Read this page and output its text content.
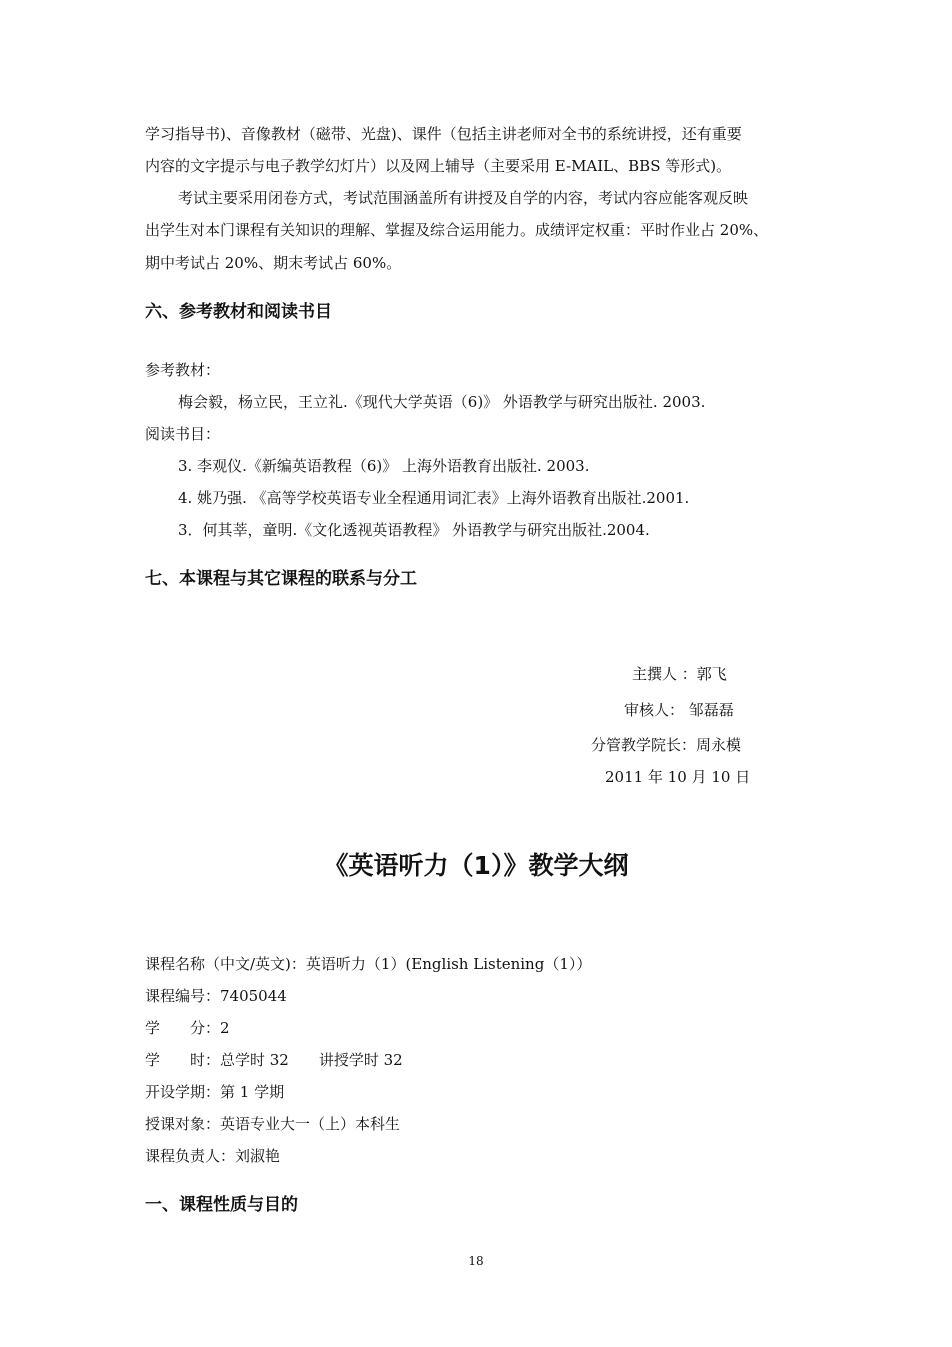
学习指导书)、音像教材（磁带、光盘)、课件（包括主讲老师对全书的系统讲授，还有重要
内容的文字提示与电子教学幻灯片）以及网上辅导（主要采用 E-MAIL、BBS 等形式)。
考试主要采用闭卷方式，考试范围涵盖所有讲授及自学的内容，考试内容应能客观反映
出学生对本门课程有关知识的理解、掌握及综合运用能力。成绩评定权重：平时作业占 20%、
期中考试占 20%、期末考试占 60%。
六、参考教材和阅读书目
参考教材：
梅会毅，杨立民，王立礼.《现代大学英语（6)》 外语教学与研究出版社. 2003.
阅读书目：
3. 李观仪.《新编英语教程（6)》 上海外语教育出版社. 2003.
4. 姚乃强. 《高等学校英语专业全程通用词汇表》上海外语教育出版社.2001.
3．何其莘，童明.《文化透视英语教程》 外语教学与研究出版社.2004.
七、本课程与其它课程的联系与分工
主撰人 ：郭飞
审核人： 邹磊磊
分管教学院长：周永模
2011 年 10 月 10 日
《英语听力（1）》教学大纲
课程名称（中文/英文)：英语听力（1）(English Listening（1））
课程编号：7405044
学　　分：2
学　　时：总学时 32　　讲授学时 32
开设学期：第 1 学期
授课对象：英语专业大一（上）本科生
课程负责人：刘淑艳
一、课程性质与目的
18
